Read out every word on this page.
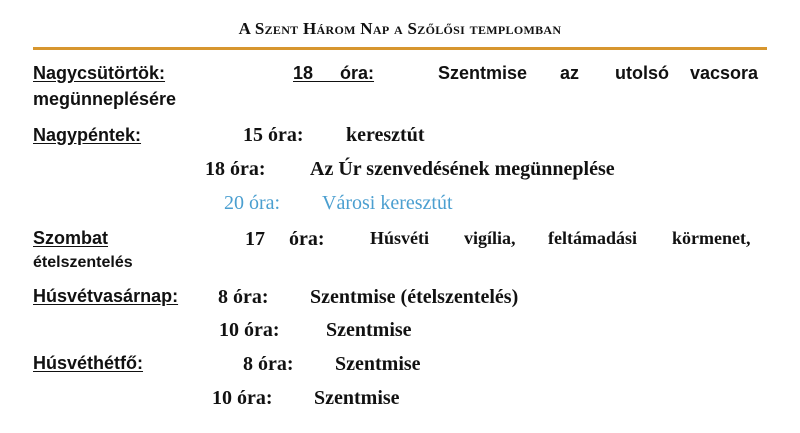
A Szent Három Nap a Szőlősi templomban
Nagycsütörtök:	18 óra:	Szentmise az utolsó vacsora
megünneplésére
Nagypéntek:	15 óra: keresztút
18 óra: Az Úr szenvedésének megünneplése
20 óra: Városi keresztút
Szombat	17 óra:	Húsvéti vigília, feltámadási körmenet,
ételszentelés
Húsvétvasárnap: 8 óra: Szentmise (ételszentelés)
10 óra: Szentmise
Húsvéthétfő:	8 óra: Szentmise
10 óra: Szentmise
